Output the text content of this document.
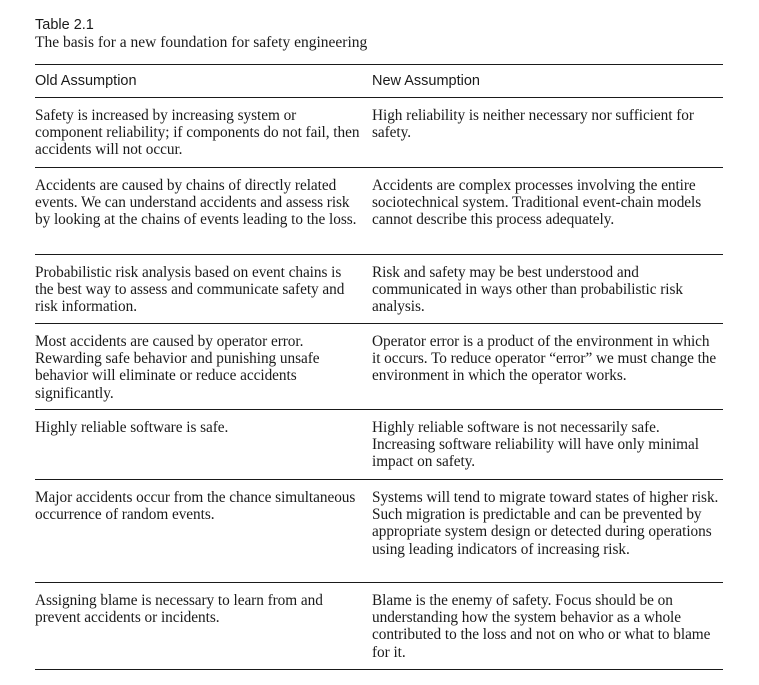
Table 2.1
The basis for a new foundation for safety engineering
Old Assumption	New Assumption
Safety is increased by increasing system or component reliability; if components do not fail, then accidents will not occur.
High reliability is neither necessary nor sufficient for safety.
Accidents are caused by chains of directly related events. We can understand accidents and assess risk by looking at the chains of events leading to the loss.
Accidents are complex processes involving the entire sociotechnical system. Traditional event-chain models cannot describe this process adequately.
Probabilistic risk analysis based on event chains is the best way to assess and communicate safety and risk information.
Risk and safety may be best understood and communicated in ways other than probabilistic risk analysis.
Most accidents are caused by operator error. Rewarding safe behavior and punishing unsafe behavior will eliminate or reduce accidents significantly.
Operator error is a product of the environment in which it occurs. To reduce operator “error” we must change the environment in which the operator works.
Highly reliable software is safe.	Highly reliable software is not necessarily safe. Increasing software reliability will have only minimal impact on safety.
Major accidents occur from the chance simultaneous occurrence of random events.
Systems will tend to migrate toward states of higher risk. Such migration is predictable and can be prevented by appropriate system design or detected during operations using leading indicators of increasing risk.
Assigning blame is necessary to learn from and prevent accidents or incidents.
Blame is the enemy of safety. Focus should be on understanding how the system behavior as a whole contributed to the loss and not on who or what to blame for it.
